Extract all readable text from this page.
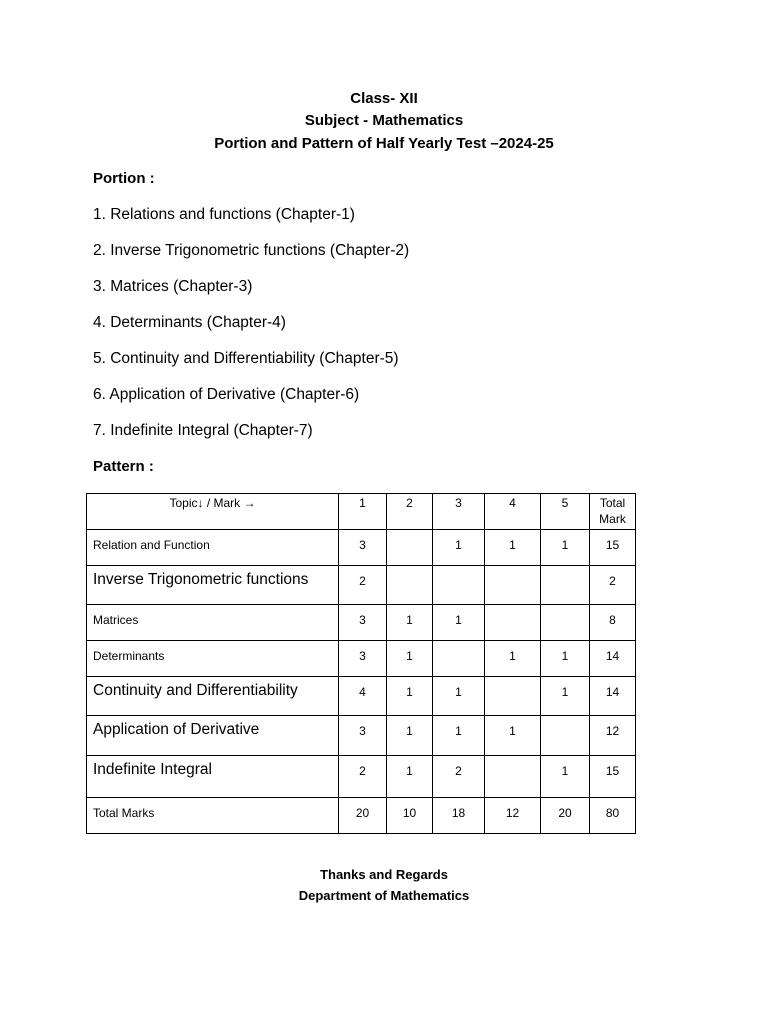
Class- XII
Subject - Mathematics
Portion and Pattern of Half Yearly Test –2024-25
Portion :
1. Relations and functions (Chapter-1)
2. Inverse Trigonometric functions (Chapter-2)
3. Matrices (Chapter-3)
4. Determinants (Chapter-4)
5. Continuity and Differentiability (Chapter-5)
6. Application of Derivative (Chapter-6)
7. Indefinite Integral (Chapter-7)
Pattern :
Topic↓ / Mark →	1	2	3	4	5	Total Mark
Relation and Function	3		1	1	1	15
Inverse Trigonometric functions	2					2
Matrices	3	1	1			8
Determinants	3	1		1	1	14
Continuity and Differentiability	4	1	1		1	14
Application of Derivative	3	1	1	1		12
Indefinite Integral	2	1	2		1	15
Total Marks	20	10	18	12	20	80
Thanks and Regards
Department of Mathematics
